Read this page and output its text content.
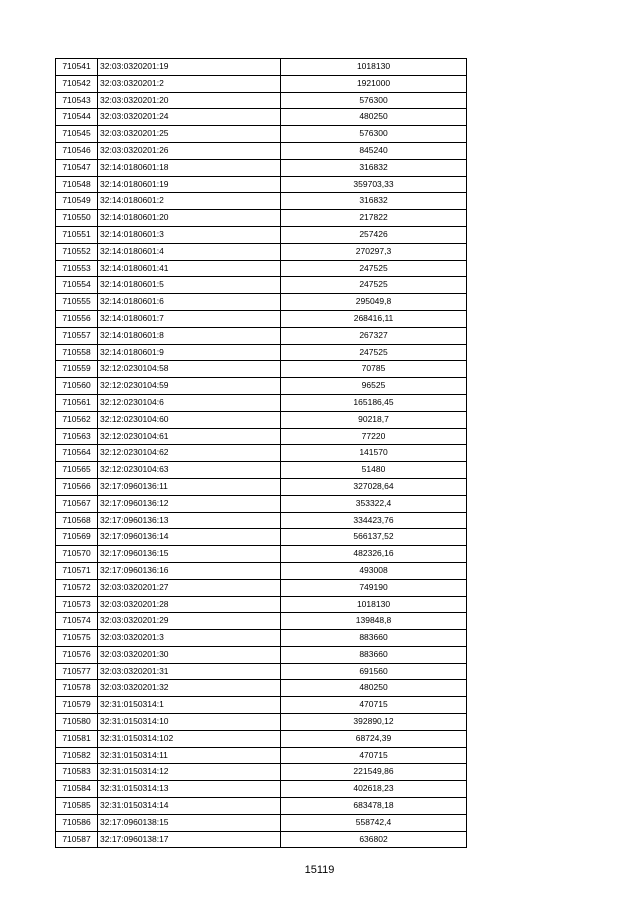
710541	32:03:0320201:19	1018130
710542	32:03:0320201:2	1921000
710543	32:03:0320201:20	576300
710544	32:03:0320201:24	480250
710545	32:03:0320201:25	576300
710546	32:03:0320201:26	845240
710547	32:14:0180601:18	316832
710548	32:14:0180601:19	359703,33
710549	32:14:0180601:2	316832
710550	32:14:0180601:20	217822
710551	32:14:0180601:3	257426
710552	32:14:0180601:4	270297,3
710553	32:14:0180601:41	247525
710554	32:14:0180601:5	247525
710555	32:14:0180601:6	295049,8
710556	32:14:0180601:7	268416,11
710557	32:14:0180601:8	267327
710558	32:14:0180601:9	247525
710559	32:12:0230104:58	70785
710560	32:12:0230104:59	96525
710561	32:12:0230104:6	165186,45
710562	32:12:0230104:60	90218,7
710563	32:12:0230104:61	77220
710564	32:12:0230104:62	141570
710565	32:12:0230104:63	51480
710566	32:17:0960136:11	327028,64
710567	32:17:0960136:12	353322,4
710568	32:17:0960136:13	334423,76
710569	32:17:0960136:14	566137,52
710570	32:17:0960136:15	482326,16
710571	32:17:0960136:16	493008
710572	32:03:0320201:27	749190
710573	32:03:0320201:28	1018130
710574	32:03:0320201:29	139848,8
710575	32:03:0320201:3	883660
710576	32:03:0320201:30	883660
710577	32:03:0320201:31	691560
710578	32:03:0320201:32	480250
710579	32:31:0150314:1	470715
710580	32:31:0150314:10	392890,12
710581	32:31:0150314:102	68724,39
710582	32:31:0150314:11	470715
710583	32:31:0150314:12	221549,86
710584	32:31:0150314:13	402618,23
710585	32:31:0150314:14	683478,18
710586	32:17:0960138:15	558742,4
710587	32:17:0960138:17	636802
15119
